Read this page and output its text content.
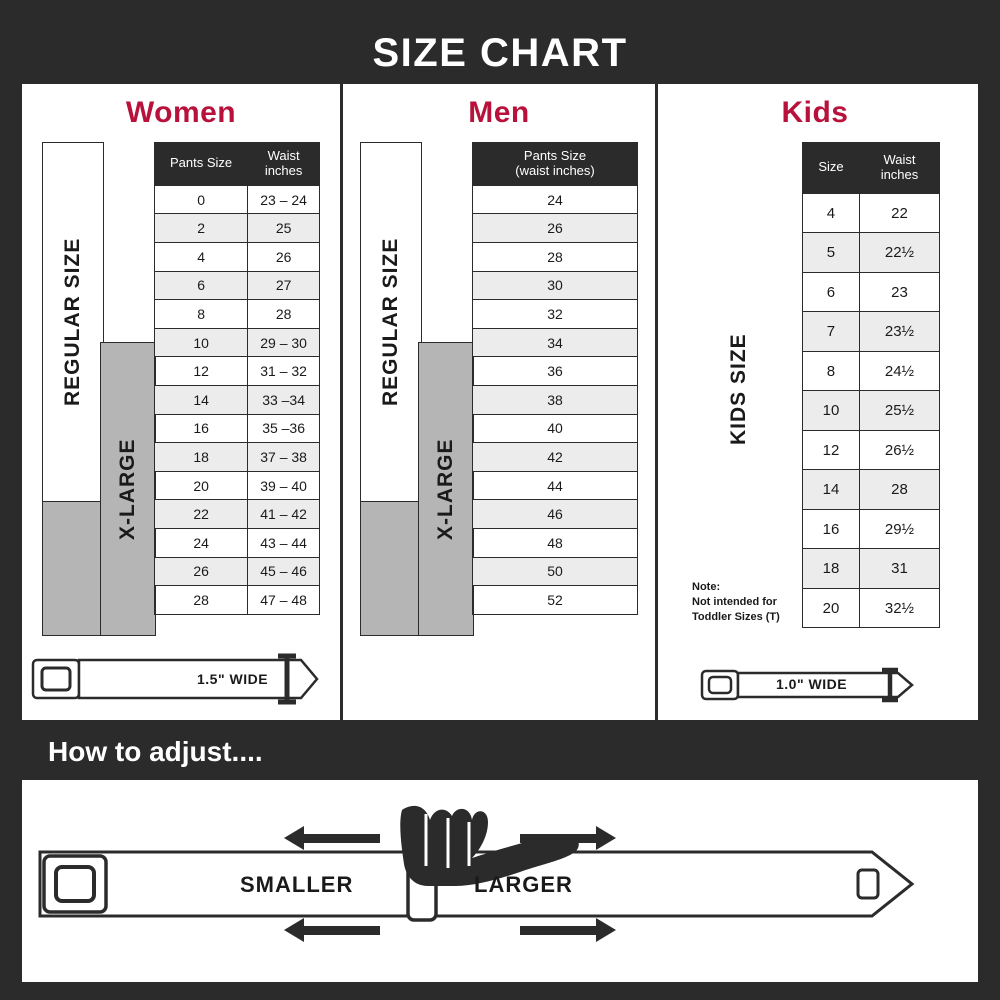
SIZE CHART
Women
REGULAR SIZE
X-LARGE
Pants Size	Waist
inches
0	23 – 24
2	25
4	26
6	27
8	28
10	29 – 30
12	31 – 32
14	33 –34
16	35 –36
18	37 – 38
20	39 – 40
22	41 – 42
24	43 – 44
26	45 – 46
28	47 – 48
1.5" WIDE
Men
REGULAR SIZE
X-LARGE
Pants Size
(waist inches)
24
26
28
30
32
34
36
38
40
42
44
46
48
50
52
Kids
KIDS SIZE
Size	Waist
inches
4	22
5	22½
6	23
7	23½
8	24½
10	25½
12	26½
14	28
16	29½
18	31
20	32½
Note:
Not intended for
Toddler Sizes (T)
1.0" WIDE
How to adjust....
SMALLER	LARGER
